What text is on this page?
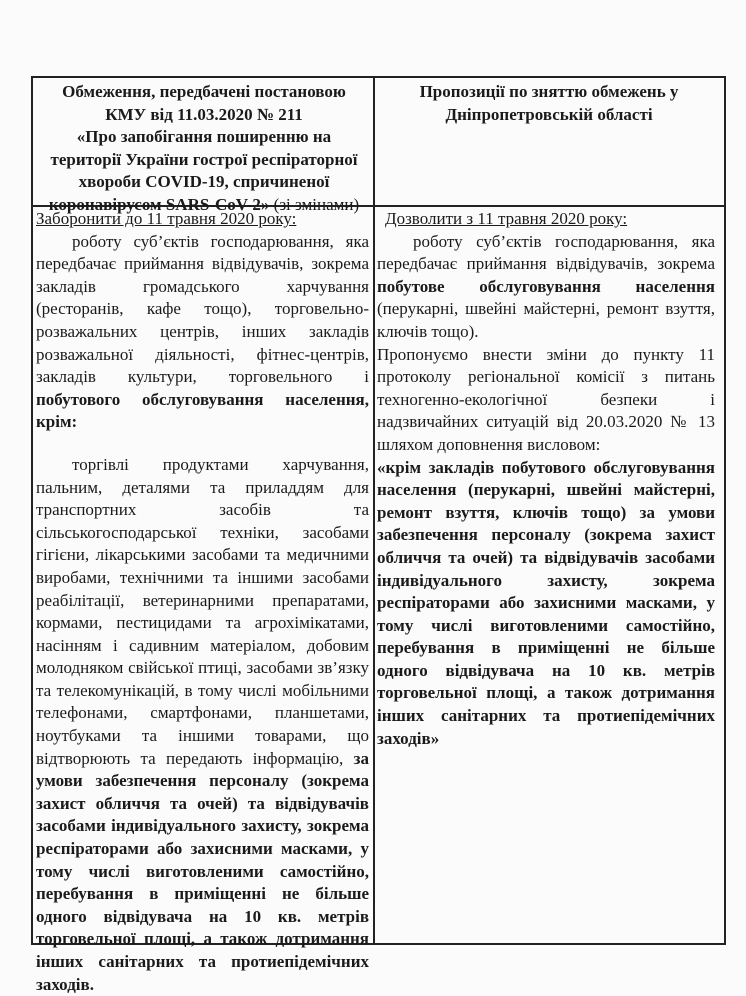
Обмеження, передбачені постановою
КМУ від 11.03.2020 № 211
«Про запобігання поширенню на
території України гострої респіраторної
хвороби COVID-19, спричиненої
коронавірусом SARS-CoV-2» (зі змінами)
Пропозиції по зняттю обмежень у
Дніпропетровській області

Заборонити до 11 травня 2020 року:

роботу суб’єктів господарювання, яка передбачає приймання відвідувачів, зокрема закладів громадського харчування (ресторанів, кафе тощо), торговельно-розважальних центрів, інших закладів розважальної діяльності, фітнес-центрів, закладів культури, торговельного і побутового обслуговування населення, крім:

торгівлі продуктами харчування, пальним, деталями та приладдям для транспортних засобів та сільськогосподарської техніки, засобами гігієни, лікарськими засобами та медичними виробами, технічними та іншими засобами реабілітації, ветеринарними препаратами, кормами, пестицидами та агрохімікатами, насінням і садивним матеріалом, добовим молодняком свійської птиці, засобами зв’язку та телекомунікацій, в тому числі мобільними телефонами, смартфонами, планшетами, ноутбуками та іншими товарами, що відтворюють та передають інформацію, за умови забезпечення персоналу (зокрема захист обличчя та очей) та відвідувачів засобами індивідуального захисту, зокрема респіраторами або захисними масками, у тому числі виготовленими самостійно, перебування в приміщенні не більше одного відвідувача на 10 кв. метрів торговельної площі, а також дотримання інших санітарних та протиепідемічних заходів.

Дозволити з 11 травня 2020 року:

роботу суб’єктів господарювання, яка передбачає приймання відвідувачів, зокрема побутове обслуговування населення (перукарні, швейні майстерні, ремонт взуття, ключів тощо).

Пропонуємо внести зміни до пункту 11 протоколу регіональної комісії з питань техногенно-екологічної безпеки і надзвичайних ситуацій від 20.03.2020 № 13 шляхом доповнення висловом:

«крім закладів побутового обслуговування населення (перукарні, швейні майстерні, ремонт взуття, ключів тощо) за умови забезпечення персоналу (зокрема захист обличчя та очей) та відвідувачів засобами індивідуального захисту, зокрема респіраторами або захисними масками, у тому числі виготовленими самостійно, перебування в приміщенні не більше одного відвідувача на 10 кв. метрів торговельної площі, а також дотримання інших санітарних та протиепідемічних заходів»
